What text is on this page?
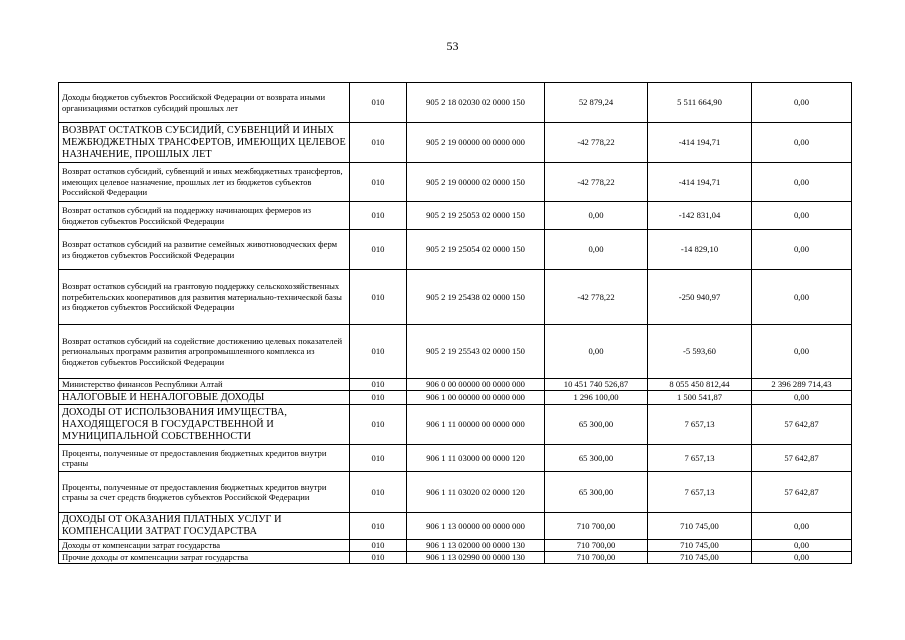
53
Доходы бюджетов субъектов Российской Федерации от возврата иными организациями остатков субсидий прошлых лет	010	905 2 18 02030 02 0000 150	52 879,24	5 511 664,90	0,00
ВОЗВРАТ ОСТАТКОВ СУБСИДИЙ, СУБВЕНЦИЙ И ИНЫХ МЕЖБЮДЖЕТНЫХ ТРАНСФЕРТОВ, ИМЕЮЩИХ ЦЕЛЕВОЕ НАЗНАЧЕНИЕ, ПРОШЛЫХ ЛЕТ	010	905 2 19 00000 00 0000 000	-42 778,22	-414 194,71	0,00
Возврат остатков субсидий, субвенций и иных межбюджетных трансфертов, имеющих целевое назначение, прошлых лет из бюджетов субъектов Российской Федерации	010	905 2 19 00000 02 0000 150	-42 778,22	-414 194,71	0,00
Возврат остатков субсидий на поддержку начинающих фермеров из бюджетов субъектов Российской Федерации	010	905 2 19 25053 02 0000 150	0,00	-142 831,04	0,00
Возврат остатков субсидий на развитие семейных животноводческих ферм из бюджетов субъектов Российской Федерации	010	905 2 19 25054 02 0000 150	0,00	-14 829,10	0,00
Возврат остатков субсидий на грантовую поддержку сельскохозяйственных потребительских кооперативов для развития материально-технической базы из бюджетов субъектов Российской Федерации	010	905 2 19 25438 02 0000 150	-42 778,22	-250 940,97	0,00
Возврат остатков субсидий на содействие достижению целевых показателей региональных программ развития агропромышленного комплекса из бюджетов субъектов Российской Федерации	010	905 2 19 25543 02 0000 150	0,00	-5 593,60	0,00
Министерство финансов Республики Алтай	010	906 0 00 00000 00 0000 000	10 451 740 526,87	8 055 450 812,44	2 396 289 714,43
НАЛОГОВЫЕ И НЕНАЛОГОВЫЕ ДОХОДЫ	010	906 1 00 00000 00 0000 000	1 296 100,00	1 500 541,87	0,00
ДОХОДЫ ОТ ИСПОЛЬЗОВАНИЯ ИМУЩЕСТВА, НАХОДЯЩЕГОСЯ В ГОСУДАРСТВЕННОЙ И МУНИЦИПАЛЬНОЙ СОБСТВЕННОСТИ	010	906 1 11 00000 00 0000 000	65 300,00	7 657,13	57 642,87
Проценты, полученные от предоставления бюджетных кредитов внутри страны	010	906 1 11 03000 00 0000 120	65 300,00	7 657,13	57 642,87
Проценты, полученные от предоставления бюджетных кредитов внутри страны за счет средств бюджетов субъектов Российской Федерации	010	906 1 11 03020 02 0000 120	65 300,00	7 657,13	57 642,87
ДОХОДЫ ОТ ОКАЗАНИЯ ПЛАТНЫХ УСЛУГ И КОМПЕНСАЦИИ ЗАТРАТ ГОСУДАРСТВА	010	906 1 13 00000 00 0000 000	710 700,00	710 745,00	0,00
Доходы от компенсации затрат государства	010	906 1 13 02000 00 0000 130	710 700,00	710 745,00	0,00
Прочие доходы от компенсации затрат государства	010	906 1 13 02990 00 0000 130	710 700,00	710 745,00	0,00
